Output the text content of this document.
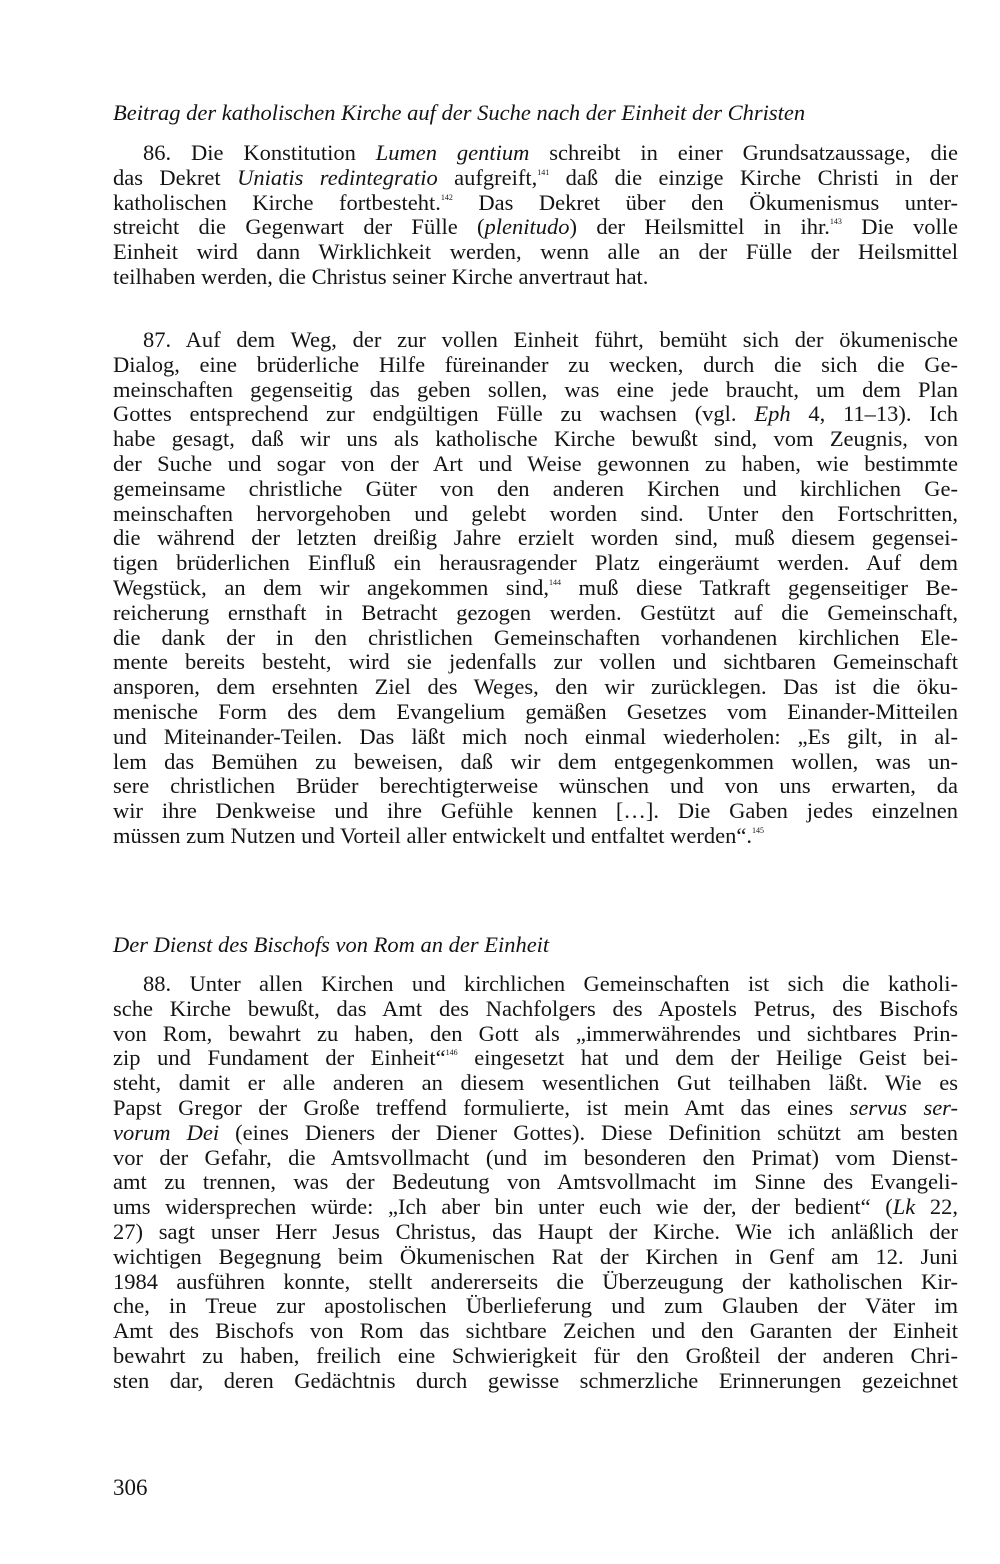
Beitrag der katholischen Kirche auf der Suche nach der Einheit der Christen
86. Die Konstitution Lumen gentium schreibt in einer Grundsatzaussage, die
das Dekret Uniatis redintegratio aufgreift,$^{141}$ daß die einzige Kirche Christi in der
katholischen Kirche fortbesteht.$^{142}$ Das Dekret über den Ökumenismus unter-
streicht die Gegenwart der Fülle (plenitudo) der Heilsmittel in ihr.$^{143}$ Die volle
Einheit wird dann Wirklichkeit werden, wenn alle an der Fülle der Heilsmittel
teilhaben werden, die Christus seiner Kirche anvertraut hat.
87. Auf dem Weg, der zur vollen Einheit führt, bemüht sich der ökumenische
Dialog, eine brüderliche Hilfe füreinander zu wecken, durch die sich die Ge-
meinschaften gegenseitig das geben sollen, was eine jede braucht, um dem Plan
Gottes entsprechend zur endgültigen Fülle zu wachsen (vgl. Eph 4, 11–13). Ich
habe gesagt, daß wir uns als katholische Kirche bewußt sind, vom Zeugnis, von
der Suche und sogar von der Art und Weise gewonnen zu haben, wie bestimmte
gemeinsame christliche Güter von den anderen Kirchen und kirchlichen Ge-
meinschaften hervorgehoben und gelebt worden sind. Unter den Fortschritten,
die während der letzten dreißig Jahre erzielt worden sind, muß diesem gegensei-
tigen brüderlichen Einfluß ein herausragender Platz eingeräumt werden. Auf dem
Wegstück, an dem wir angekommen sind,$^{144}$ muß diese Tatkraft gegenseitiger Be-
reicherung ernsthaft in Betracht gezogen werden. Gestützt auf die Gemeinschaft,
die dank der in den christlichen Gemeinschaften vorhandenen kirchlichen Ele-
mente bereits besteht, wird sie jedenfalls zur vollen und sichtbaren Gemeinschaft
ansporen, dem ersehnten Ziel des Weges, den wir zurücklegen. Das ist die öku-
menische Form des dem Evangelium gemäßen Gesetzes vom Einander-Mitteilen
und Miteinander-Teilen. Das läßt mich noch einmal wiederholen: „Es gilt, in al-
lem das Bemühen zu beweisen, daß wir dem entgegenkommen wollen, was un-
sere christlichen Brüder berechtigterweise wünschen und von uns erwarten, da
wir ihre Denkweise und ihre Gefühle kennen […]. Die Gaben jedes einzelnen
müssen zum Nutzen und Vorteil aller entwickelt und entfaltet werden“.$^{145}$
Der Dienst des Bischofs von Rom an der Einheit
88. Unter allen Kirchen und kirchlichen Gemeinschaften ist sich die katholi-
sche Kirche bewußt, das Amt des Nachfolgers des Apostels Petrus, des Bischofs
von Rom, bewahrt zu haben, den Gott als „immerwährendes und sichtbares Prin-
zip und Fundament der Einheit“$^{146}$ eingesetzt hat und dem der Heilige Geist bei-
steht, damit er alle anderen an diesem wesentlichen Gut teilhaben läßt. Wie es
Papst Gregor der Große treffend formulierte, ist mein Amt das eines servus ser-
vorum Dei (eines Dieners der Diener Gottes). Diese Definition schützt am besten
vor der Gefahr, die Amtsvollmacht (und im besonderen den Primat) vom Dienst-
amt zu trennen, was der Bedeutung von Amtsvollmacht im Sinne des Evangeli-
ums widersprechen würde: „Ich aber bin unter euch wie der, der bedient“ (Lk 22,
27) sagt unser Herr Jesus Christus, das Haupt der Kirche. Wie ich anläßlich der
wichtigen Begegnung beim Ökumenischen Rat der Kirchen in Genf am 12. Juni
1984 ausführen konnte, stellt andererseits die Überzeugung der katholischen Kir-
che, in Treue zur apostolischen Überlieferung und zum Glauben der Väter im
Amt des Bischofs von Rom das sichtbare Zeichen und den Garanten der Einheit
bewahrt zu haben, freilich eine Schwierigkeit für den Großteil der anderen Chri-
sten dar, deren Gedächtnis durch gewisse schmerzliche Erinnerungen gezeichnet
306
